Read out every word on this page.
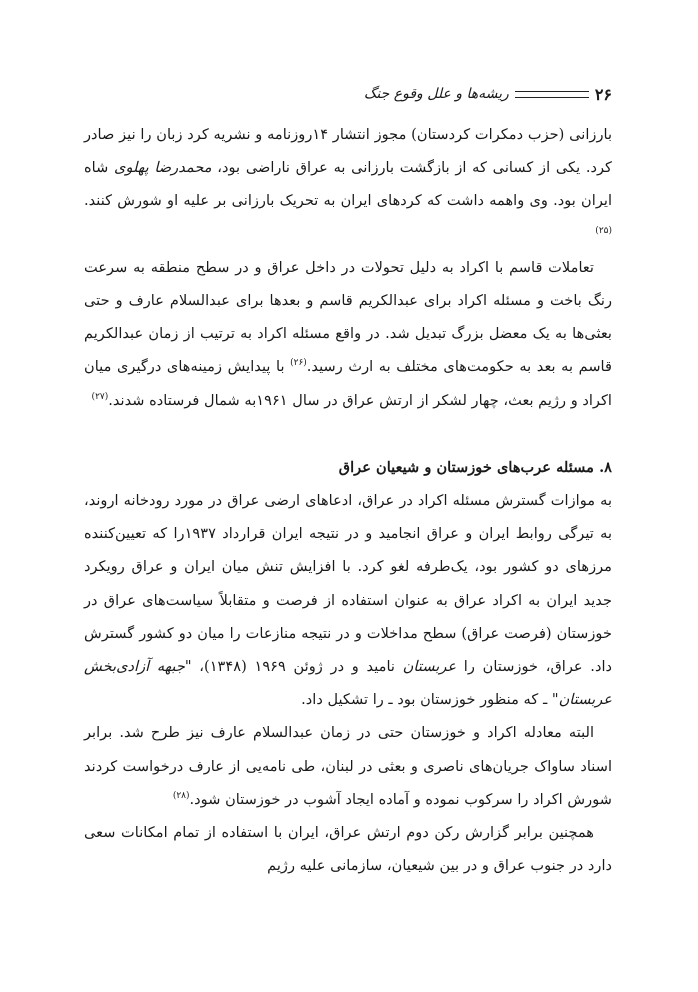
۲۶
ریشه‌ها و علل وقوع جنگ

بارزانی (حزب دمکرات کردستان) مجوز انتشار ۱۴روزنامه و نشریه کرد زبان را نیز صادر کرد. یکی از کسانی که از بازگشت بارزانی به عراق ناراضی بود، محمدرضا پهلوی شاه ایران بود. وی واهمه داشت که کردهای ایران به تحریک بارزانی بر علیه او شورش کنند.$^{(۲۵)}$

تعاملات قاسم با اکراد به دلیل تحولات در داخل عراق و در سطح منطقه به سرعت رنگ باخت و مسئله اکراد برای عبدالکریم قاسم و بعدها برای عبدالسلام عارف و حتی بعثی‌ها به یک معضل بزرگ تبدیل شد. در واقع مسئله اکراد به ترتیب از زمان عبدالکریم قاسم به بعد به حکومت‌های مختلف به ارث رسید.$^{(۲۶)}$ با پیدایش زمینه‌های درگیری میان اکراد و رژیم بعث، چهار لشکر از ارتش عراق در سال ۱۹۶۱به شمال فرستاده شدند.$^{(۲۷)}$

۸. مسئله عرب‌های خوزستان و شیعیان عراق

به موازات گسترش مسئله اکراد در عراق، ادعاهای ارضی عراق در مورد رودخانه اروند، به تیرگی روابط ایران و عراق انجامید و در نتیجه ایران قرارداد ۱۹۳۷را که تعیین‌کننده مرزهای دو کشور بود، یک‌طرفه لغو کرد. با افزایش تنش میان ایران و عراق رویکرد جدید ایران به اکراد عراق به عنوان استفاده از فرصت و متقابلاً سیاست‌های عراق در خوزستان (فرصت عراق) سطح مداخلات و در نتیجه منازعات را میان دو کشور گسترش داد. عراق، خوزستان را عربستان نامید و در ژوئن ۱۹۶۹ (۱۳۴۸)، "جبهه آزادی‌بخش عربستان" ـ که منظور خوزستان بود ـ را تشکیل داد.

البته معادله اکراد و خوزستان حتی در زمان عبدالسلام عارف نیز طرح شد. برابر اسناد ساواک جریان‌های ناصری و بعثی در لبنان، طی نامه‌یی از عارف درخواست کردند شورش اکراد را سرکوب نموده و آماده ایجاد آشوب در خوزستان شود.$^{(۲۸)}$

همچنین برابر گزارش رکن دوم ارتش عراق، ایران با استفاده از تمام امکانات سعی دارد در جنوب عراق و در بین شیعیان، سازمانی علیه رژیم
